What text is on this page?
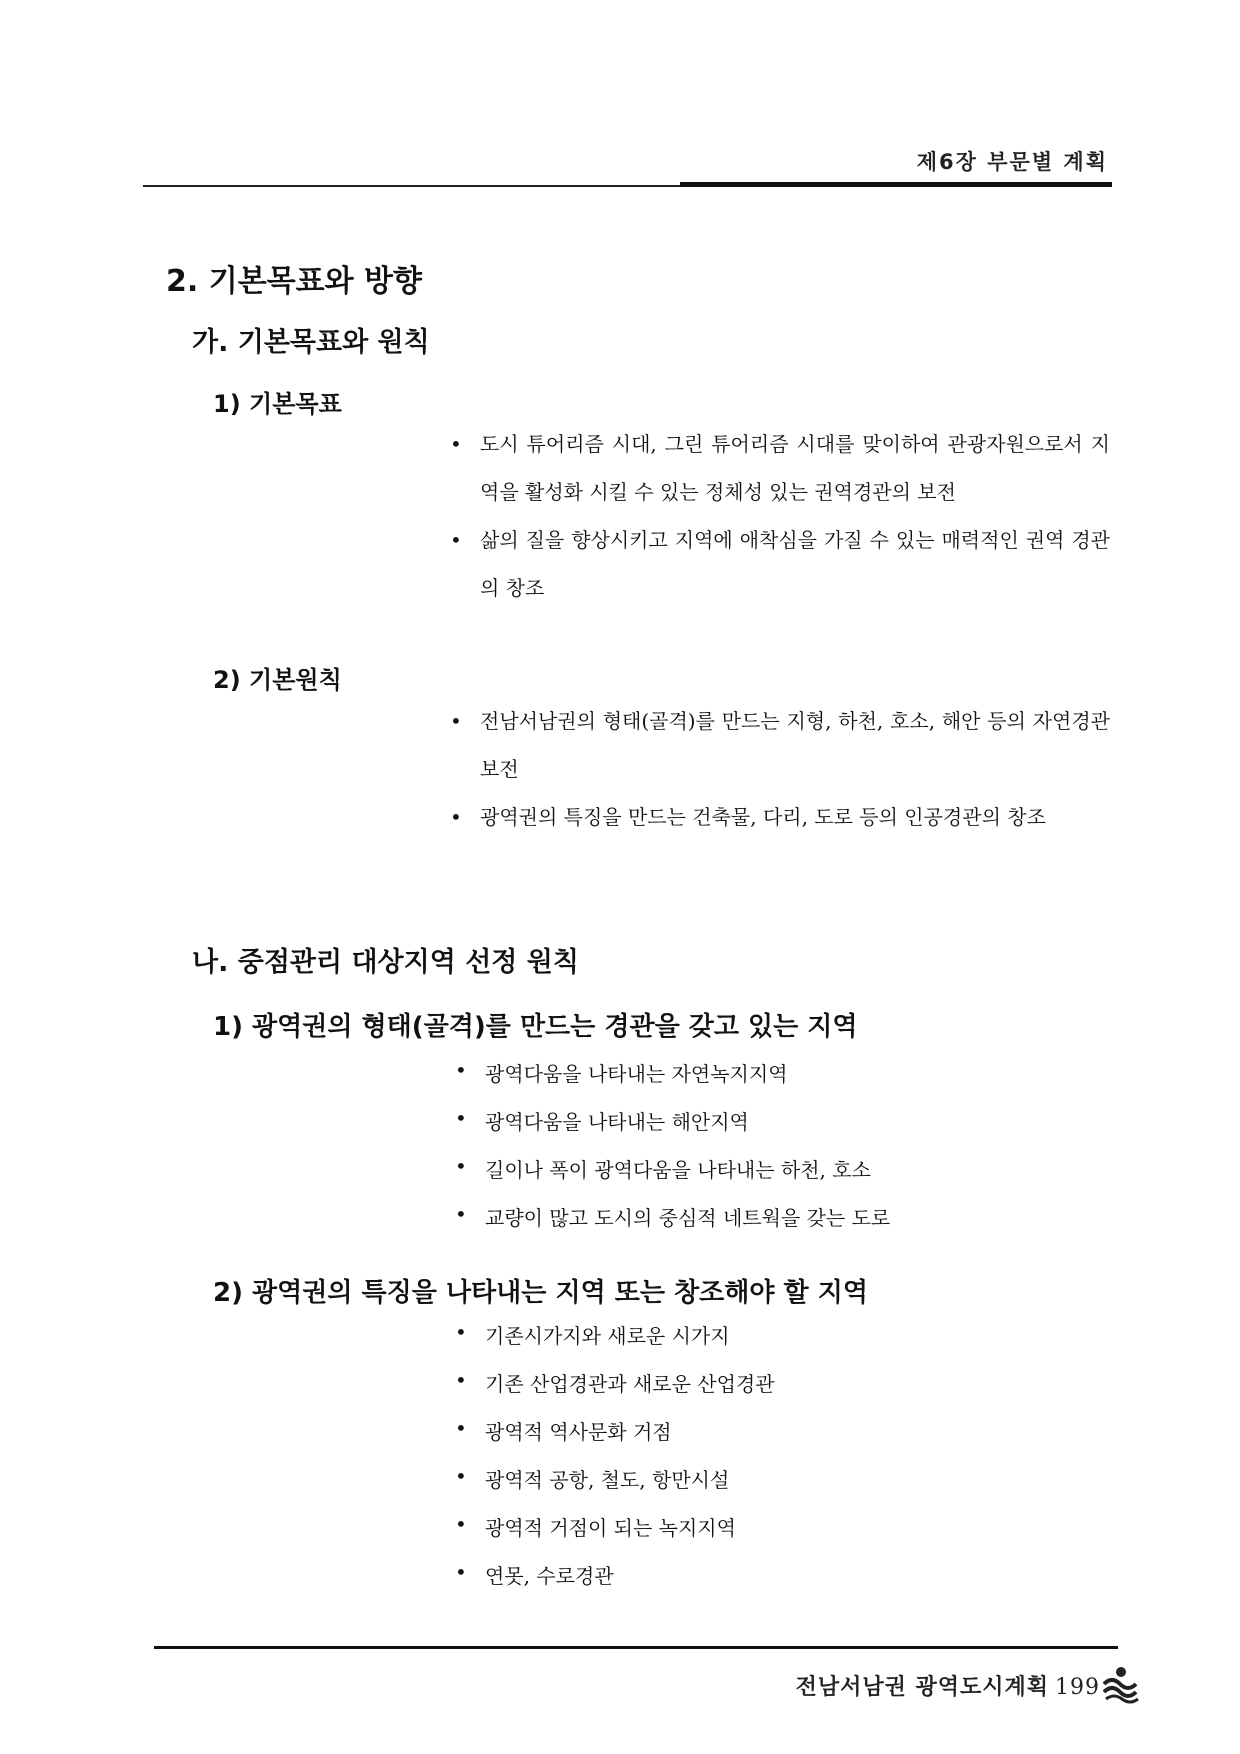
제6장 부문별 계획
2. 기본목표와 방향
가. 기본목표와 원칙
1) 기본목표
• 도시 튜어리즘 시대, 그린 튜어리즘 시대를 맞이하여 관광자원으로서 지역을 활성화 시킬 수 있는 정체성 있는 권역경관의 보전
• 삶의 질을 향상시키고 지역에 애착심을 가질 수 있는 매력적인 권역 경관의 창조
2) 기본원칙
• 전남서남권의 형태(골격)를 만드는 지형, 하천, 호소, 해안 등의 자연경관 보전
• 광역권의 특징을 만드는 건축물, 다리, 도로 등의 인공경관의 창조
나. 중점관리 대상지역 선정 원칙
1) 광역권의 형태(골격)를 만드는 경관을 갖고 있는 지역
• 광역다움을 나타내는 자연녹지지역
• 광역다움을 나타내는 해안지역
• 길이나 폭이 광역다움을 나타내는 하천, 호소
• 교량이 많고 도시의 중심적 네트웍을 갖는 도로
2) 광역권의 특징을 나타내는 지역 또는 창조해야 할 지역
• 기존시가지와 새로운 시가지
• 기존 산업경관과 새로운 산업경관
• 광역적 역사문화 거점
• 광역적 공항, 철도, 항만시설
• 광역적 거점이 되는 녹지지역
• 연못, 수로경관
전남서남권 광역도시계획 199
